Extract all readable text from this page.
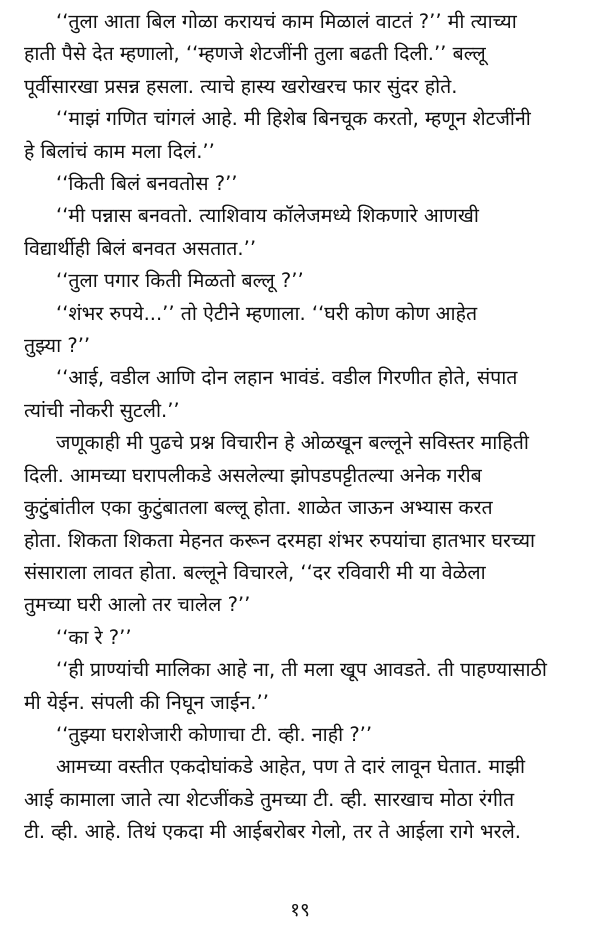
‘‘तुला आता बिल गोळा करायचं काम मिळालं वाटतं ?’’ मी त्याच्या
हाती पैसे देत म्हणालो, ‘‘म्हणजे शेटजींनी तुला बढती दिली.’’ बल्लू
पूर्वीसारखा प्रसन्न हसला. त्याचे हास्य खरोखरच फार सुंदर होते.
‘‘माझं गणित चांगलं आहे. मी हिशेब बिनचूक करतो, म्हणून शेटजींनी
हे बिलांचं काम मला दिलं.’’
‘‘किती बिलं बनवतोस ?’’
‘‘मी पन्नास बनवतो. त्याशिवाय कॉलेजमध्ये शिकणारे आणखी
विद्यार्थीही बिलं बनवत असतात.’’
‘‘तुला पगार किती मिळतो बल्लू ?’’
‘‘शंभर रुपये...’’ तो ऐटीने म्हणाला. ‘‘घरी कोण कोण आहेत
तुझ्या ?’’
‘‘आई, वडील आणि दोन लहान भावंडं. वडील गिरणीत होते, संपात
त्यांची नोकरी सुटली.’’
जणूकाही मी पुढचे प्रश्न विचारीन हे ओळखून बल्लूने सविस्तर माहिती
दिली. आमच्या घरापलीकडे असलेल्या झोपडपट्टीतल्या अनेक गरीब
कुटुंबांतील एका कुटुंबातला बल्लू होता. शाळेत जाऊन अभ्यास करत
होता. शिकता शिकता मेहनत करून दरमहा शंभर रुपयांचा हातभार घरच्या
संसाराला लावत होता. बल्लूने विचारले, ‘‘दर रविवारी मी या वेळेला
तुमच्या घरी आलो तर चालेल ?’’
‘‘का रे ?’’
‘‘ही प्राण्यांची मालिका आहे ना, ती मला खूप आवडते. ती पाहण्यासाठी
मी येईन. संपली की निघून जाईन.’’
‘‘तुझ्या घराशेजारी कोणाचा टी. व्ही. नाही ?’’
आमच्या वस्तीत एकदोघांकडे आहेत, पण ते दारं लावून घेतात. माझी
आई कामाला जाते त्या शेटजींकडे तुमच्या टी. व्ही. सारखाच मोठा रंगीत
टी. व्ही. आहे. तिथं एकदा मी आईबरोबर गेलो, तर ते आईला रागे भरले.
१९
